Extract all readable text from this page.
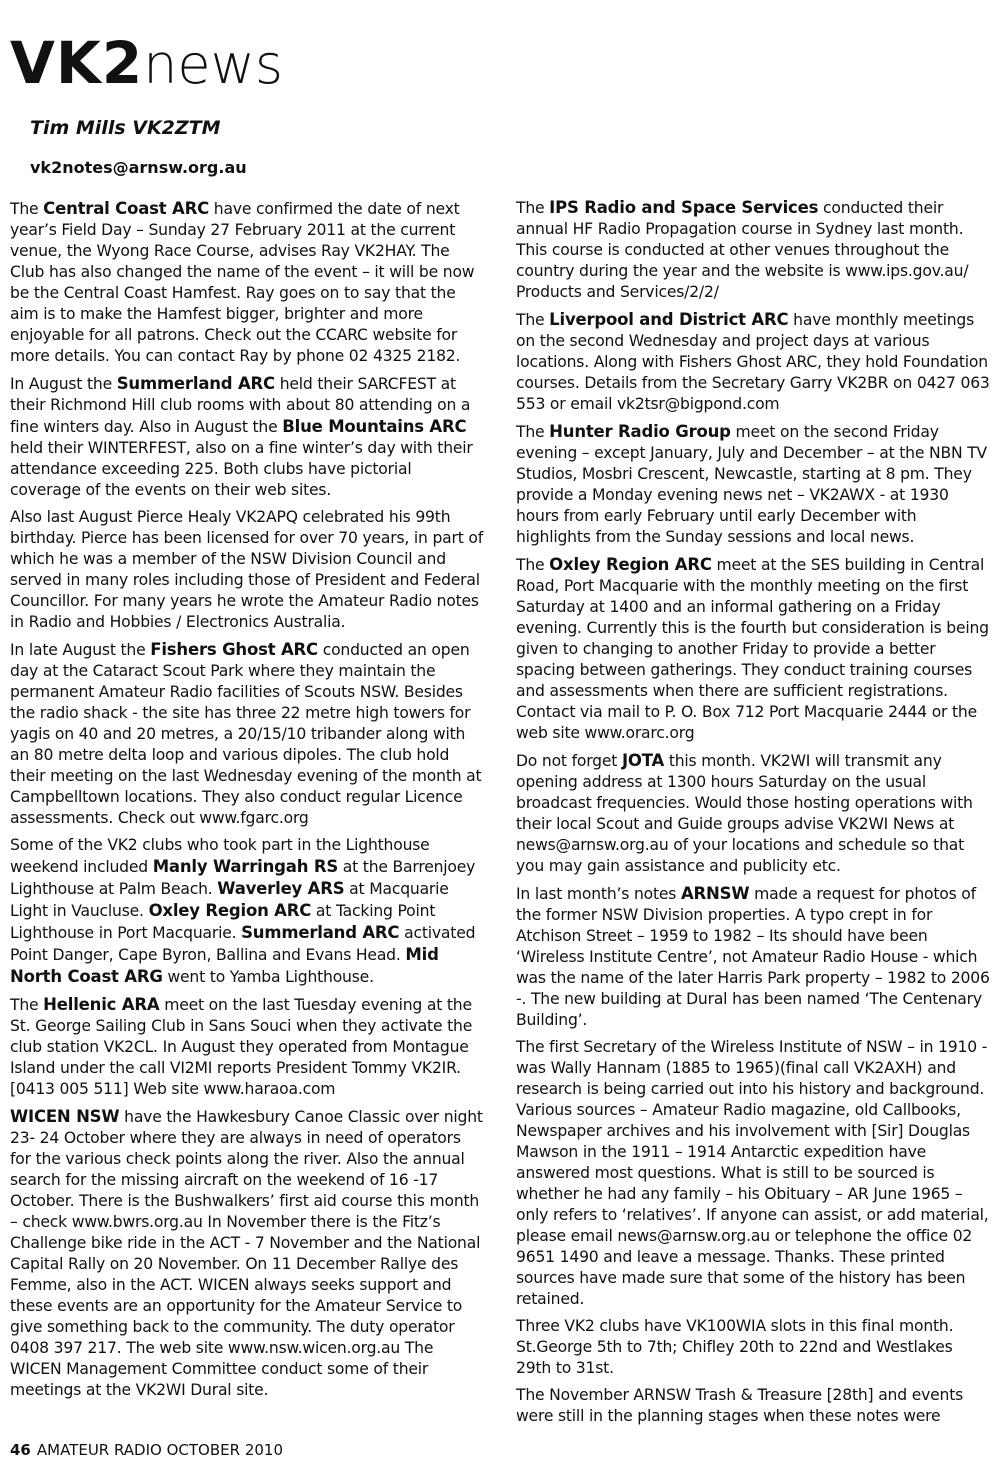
VK2news
Tim Mills VK2ZTM
vk2notes@arnsw.org.au

The Central Coast ARC have confirmed the date of next year’s Field Day – Sunday 27 February 2011 at the current venue, the Wyong Race Course, advises Ray VK2HAY. The Club has also changed the name of the event – it will be now be the Central Coast Hamfest. Ray goes on to say that the aim is to make the Hamfest bigger, brighter and more enjoyable for all patrons. Check out the CCARC website for more details. You can contact Ray by phone 02 4325 2182.

In August the Summerland ARC held their SARCFEST at their Richmond Hill club rooms with about 80 attending on a fine winters day. Also in August the Blue Mountains ARC held their WINTERFEST, also on a fine winter’s day with their attendance exceeding 225. Both clubs have pictorial coverage of the events on their web sites.

Also last August Pierce Healy VK2APQ celebrated his 99th birthday. Pierce has been licensed for over 70 years, in part of which he was a member of the NSW Division Council and served in many roles including those of President and Federal Councillor. For many years he wrote the Amateur Radio notes in Radio and Hobbies / Electronics Australia.

In late August the Fishers Ghost ARC conducted an open day at the Cataract Scout Park where they maintain the permanent Amateur Radio facilities of Scouts NSW. Besides the radio shack - the site has three 22 metre high towers for yagis on 40 and 20 metres, a 20/15/10 tribander along with an 80 metre delta loop and various dipoles. The club hold their meeting on the last Wednesday evening of the month at Campbelltown locations. They also conduct regular Licence assessments. Check out www.fgarc.org

Some of the VK2 clubs who took part in the Lighthouse weekend included Manly Warringah RS at the Barrenjoey Lighthouse at Palm Beach. Waverley ARS at Macquarie Light in Vaucluse. Oxley Region ARC at Tacking Point Lighthouse in Port Macquarie. Summerland ARC activated Point Danger, Cape Byron, Ballina and Evans Head. Mid North Coast ARG went to Yamba Lighthouse.

The Hellenic ARA meet on the last Tuesday evening at the St. George Sailing Club in Sans Souci when they activate the club station VK2CL. In August they operated from Montague Island under the call VI2MI reports President Tommy VK2IR. [0413 005 511] Web site www.haraoa.com

WICEN NSW have the Hawkesbury Canoe Classic over night 23- 24 October where they are always in need of operators for the various check points along the river. Also the annual search for the missing aircraft on the weekend of 16 -17 October. There is the Bushwalkers’ first aid course this month – check www.bwrs.org.au In November there is the Fitz’s Challenge bike ride in the ACT - 7 November and the National Capital Rally on 20 November. On 11 December Rallye des Femme, also in the ACT. WICEN always seeks support and these events are an opportunity for the Amateur Service to give something back to the community. The duty operator 0408 397 217. The web site www.nsw.wicen.org.au The WICEN Management Committee conduct some of their meetings at the VK2WI Dural site.

The IPS Radio and Space Services conducted their annual HF Radio Propagation course in Sydney last month. This course is conducted at other venues throughout the country during the year and the website is www.ips.gov.au/ Products and Services/2/2/

The Liverpool and District ARC have monthly meetings on the second Wednesday and project days at various locations. Along with Fishers Ghost ARC, they hold Foundation courses. Details from the Secretary Garry VK2BR on 0427 063 553 or email vk2tsr@bigpond.com

The Hunter Radio Group meet on the second Friday evening – except January, July and December – at the NBN TV Studios, Mosbri Crescent, Newcastle, starting at 8 pm. They provide a Monday evening news net – VK2AWX - at 1930 hours from early February until early December with highlights from the Sunday sessions and local news.

The Oxley Region ARC meet at the SES building in Central Road, Port Macquarie with the monthly meeting on the first Saturday at 1400 and an informal gathering on a Friday evening. Currently this is the fourth but consideration is being given to changing to another Friday to provide a better spacing between gatherings. They conduct training courses and assessments when there are sufficient registrations. Contact via mail to P. O. Box 712 Port Macquarie 2444 or the web site www.orarc.org

Do not forget JOTA this month. VK2WI will transmit any opening address at 1300 hours Saturday on the usual broadcast frequencies. Would those hosting operations with their local Scout and Guide groups advise VK2WI News at news@arnsw.org.au of your locations and schedule so that you may gain assistance and publicity etc.

In last month’s notes ARNSW made a request for photos of the former NSW Division properties. A typo crept in for Atchison Street – 1959 to 1982 – Its should have been ‘Wireless Institute Centre’, not Amateur Radio House - which was the name of the later Harris Park property – 1982 to 2006 -. The new building at Dural has been named ‘The Centenary Building’.

The first Secretary of the Wireless Institute of NSW – in 1910 - was Wally Hannam (1885 to 1965)(final call VK2AXH) and research is being carried out into his history and background. Various sources – Amateur Radio magazine, old Callbooks, Newspaper archives and his involvement with [Sir] Douglas Mawson in the 1911 – 1914 Antarctic expedition have answered most questions. What is still to be sourced is whether he had any family – his Obituary – AR June 1965 – only refers to ‘relatives’. If anyone can assist, or add material, please email news@arnsw.org.au or telephone the office 02 9651 1490 and leave a message. Thanks. These printed sources have made sure that some of the history has been retained.

Three VK2 clubs have VK100WIA slots in this final month. St.George 5th to 7th; Chifley 20th to 22nd and Westlakes 29th to 31st.

The November ARNSW Trash & Treasure [28th] and events were still in the planning stages when these notes were

46 AMATEUR RADIO OCTOBER 2010
